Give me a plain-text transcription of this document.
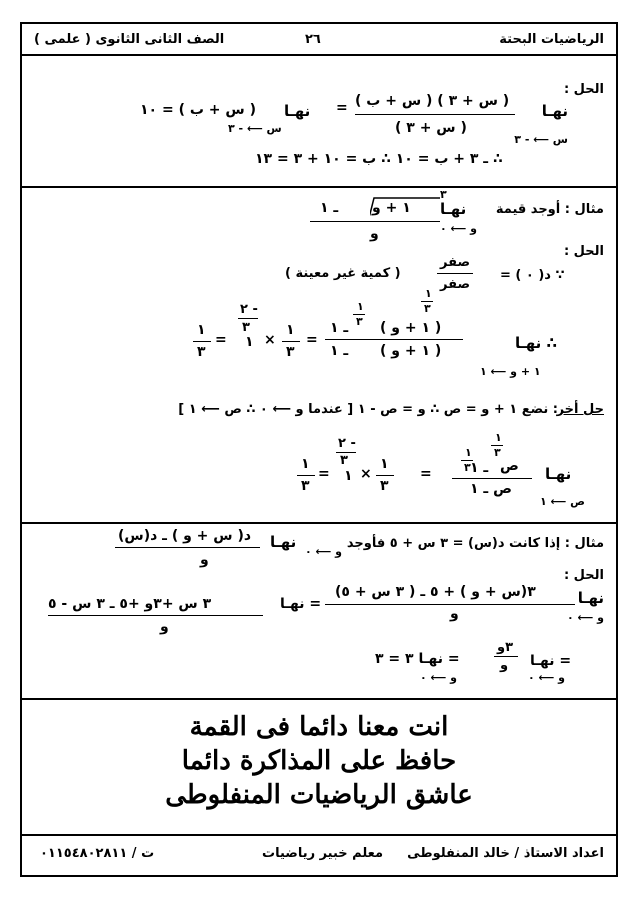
الرياضيات البحتة
٢٦
الصف الثانى الثانوى ( علمى )
الحل :
نهـا
( س + ٣ ) ( س + ب )
( س + ٣ )
س ⟵ - ٣
=
نهـا
( س + ب ) = ١٠
س ⟵ - ٣
∴ ـ ٣ + ب = ١٠ ∴ ب = ١٠ + ٣ = ١٣
مثال : أوجد قيمة
نهـا
٣
١ + و
ـ ١
و	و ⟵ ٠
الحل :
∵ د( ٠ ) =
صفر
صفر
( كمية غير معينة )
١
٣
١
٣
٢ -
٣
∴ نهـا
( ١ + و )
ـ ١
( ١ + و )
ـ ١
١ + و ⟵ ١
=
١
٣
×
١
=
١
٣
حل أخر
: نضع ١ + و = ص ∴ و = ص - ١ [ عندما و ⟵ ٠ ∴ ص ⟵ ١ ]
١
٣
نهـا
ص
١
٣ ـ ١
ص ـ ١
ص ⟵ ١
=
٢ -
٣ ١
٣
×
١
=
١
٣
مثال : إذا كانت د(س) = ٣ س + ٥ فأوجد
نهـا
و ⟵ ٠
د( س + و ) ـ د(س)
و
الحل :
نهـا
و ⟵ ٠
٣(س + و ) + ٥ ـ ( ٣ س + ٥)
و
= نهـا
٣ س +٣و +٥ ـ ٣ س - ٥
و
= نهـا
و ⟵ ٠
٣و
و
= نهـا ٣ = ٣
و ⟵ ٠
انت معنا دائما فى القمة
حافظ على المذاكرة دائما
عاشق الرياضيات المنفلوطى
اعداد الاستاذ / خالد المنفلوطى
معلم خبير رياضيات
ت / ٠١١٥٤٨٠٢٨١١
